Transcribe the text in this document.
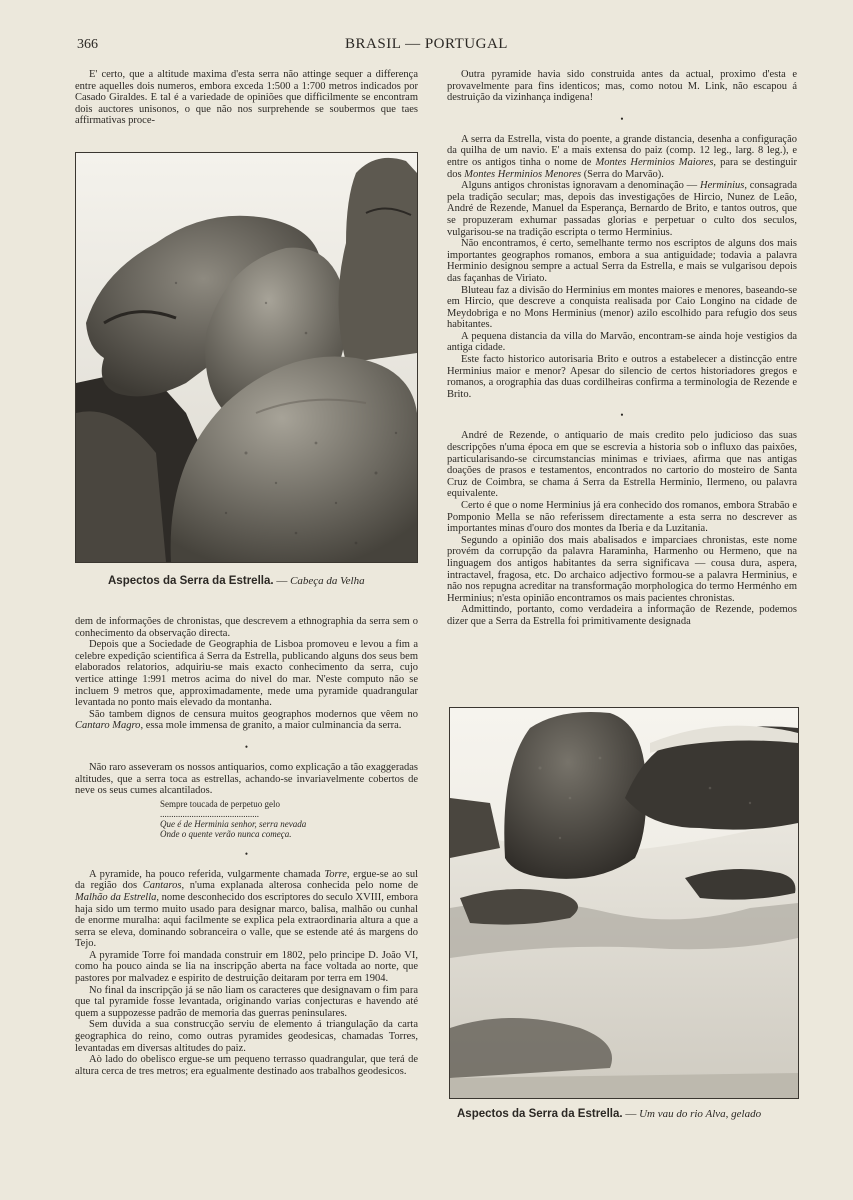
366	BRASIL — PORTUGAL

E' certo, que a altitude maxima d'esta serra não attinge sequer a differença entre aquelles dois numeros, embora exceda 1:500 a 1:700 metros indicados por Casado Giraldes. E tal é a variedade de opiniões que difficilmente se encontram dois auctores unisonos, o que não nos surprehende se soubermos que taes affirmativas proce-

Aspectos da Serra da Estrella. — Cabeça da Velha

dem de informações de chronistas, que descrevem a ethnographia da serra sem o conhecimento da observação directa.

Depois que a Sociedade de Geographia de Lisboa promoveu e levou a fim a celebre expedição scientifica á Serra da Estrella, publicando alguns dos seus bem elaborados relatorios, adquiriu-se mais exacto conhecimento da serra, cujo vertice attinge 1:991 metros acima do nivel do mar. N'este computo não se incluem 9 metros que, approximadamente, mede uma pyramide quadrangular levantada no ponto mais elevado da montanha.

São tambem dignos de censura muitos geographos modernos que vêem no Cantaro Magro, essa mole immensa de granito, a maior culminancia da serra.

•

Não raro asseveram os nossos antiquarios, como explicação a tão exaggeradas altitudes, que a serra toca as estrellas, achando-se invariavelmente cobertos de neve os seus cumes alcantilados.

Sempre toucada de perpetuo gelo
............................................
Que é de Herminia senhor, serra nevada
Onde o quente verão nunca começa.
•

A pyramide, ha pouco referida, vulgarmente chamada Torre, ergue-se ao sul da região dos Cantaros, n'uma explanada alterosa conhecida pelo nome de Malhão da Estrella, nome desconhecido dos escriptores do seculo XVIII, embora haja sido um termo muito usado para designar marco, balisa, malhão ou cunhal de enorme muralha: aqui facilmente se explica pela extraordinaria altura a que a serra se eleva, dominando sobranceira o valle, que se estende até ás margens do Tejo.

A pyramide Torre foi mandada construir em 1802, pelo principe D. João VI, como ha pouco ainda se lia na inscripção aberta na face voltada ao norte, que pastores por malvadez e espirito de destruição deitaram por terra em 1904.

No final da inscripção já se não liam os caracteres que designavam o fim para que tal pyramide fosse levantada, originando varias conjecturas e havendo até quem a suppozesse padrão de memoria das guerras peninsulares.

Sem duvida a sua construcção serviu de elemento á triangulação da carta geographica do reino, como outras pyramides geodesicas, chamadas Torres, levantadas em diversas altitudes do paiz.

Aò lado do obelisco ergue-se um pequeno terrasso quadrangular, que terá de altura cerca de tres metros; era egualmente destinado aos trabalhos geodesicos.

Outra pyramide havia sido construida antes da actual, proximo d'esta e provavelmente para fins identicos; mas, como notou M. Link, não escapou á destruição da vizinhança indigena!

•

A serra da Estrella, vista do poente, a grande distancia, desenha a configuração da quilha de um navio. E' a mais extensa do paiz (comp. 12 leg., larg. 8 leg.), e entre os antigos tinha o nome de Montes Herminios Maiores, para se destinguir dos Montes Herminios Menores (Serra do Marvão).

Alguns antigos chronistas ignoravam a denominação — Herminius, consagrada pela tradição secular; mas, depois das investigações de Hircio, Nunez de Leão, André de Rezende, Manuel da Esperança, Bernardo de Brito, e tantos outros, que se propuzeram exhumar passadas glorias e perpetuar o culto dos seculos, vulgarisou-se na tradição escripta o termo Herminius.

Não encontramos, é certo, semelhante termo nos escriptos de alguns dos mais importantes geographos romanos, embora a sua antiguidade; todavia a palavra Herminio designou sempre a actual Serra da Estrella, e mais se vulgarisou depois das façanhas de Viriato.

Bluteau faz a divisão do Herminius em montes maiores e menores, baseando-se em Hircio, que descreve a conquista realisada por Caio Longino na cidade de Meydobriga e no Mons Herminius (menor) azilo escolhido para refugio dos seus habitantes.

A pequena distancia da villa do Marvão, encontram-se ainda hoje vestigios da antiga cidade.

Este facto historico autorisaria Brito e outros a estabelecer a distincção entre Herminius maior e menor? Apesar do silencio de certos historiadores gregos e romanos, a orographia das duas cordilheiras confirma a terminologia de Rezende e Brito.

•

André de Rezende, o antiquario de mais credito pelo judicioso das suas descripções n'uma época em que se escrevia a historia sob o influxo das paixões, particularisando-se circumstancias minimas e triviaes, afirma que nas antigas doações de prasos e testamentos, encontrados no cartorio do mosteiro de Santa Cruz de Coimbra, se chama á Serra da Estrella Herminio, Ilermeno, ou palavra equivalente.

Certo é que o nome Herminius já era conhecido dos romanos, embora Strabão e Pomponio Mella se não referissem directamente a esta serra no descrever as importantes minas d'ouro dos montes da Iberia e da Luzitania.

Segundo a opinião dos mais abalisados e imparciaes chronistas, este nome provém da corrupção da palavra Haraminha, Harmenho ou Hermeno, que na linguagem dos antigos habitantes da serra significava — cousa dura, aspera, intractavel, fragosa, etc. Do archaico adjectivo formou-se a palavra Herminius, e não nos repugna acreditar na transformação morphologica do termo Herménho em Herminius; n'esta opinião encontramos os mais pacientes chronistas.

Admittindo, portanto, como verdadeira a informação de Rezende, podemos dizer que a Serra da Estrella foi primitivamente designada

Aspectos da Serra da Estrella. — Um vau do rio Alva, gelado
